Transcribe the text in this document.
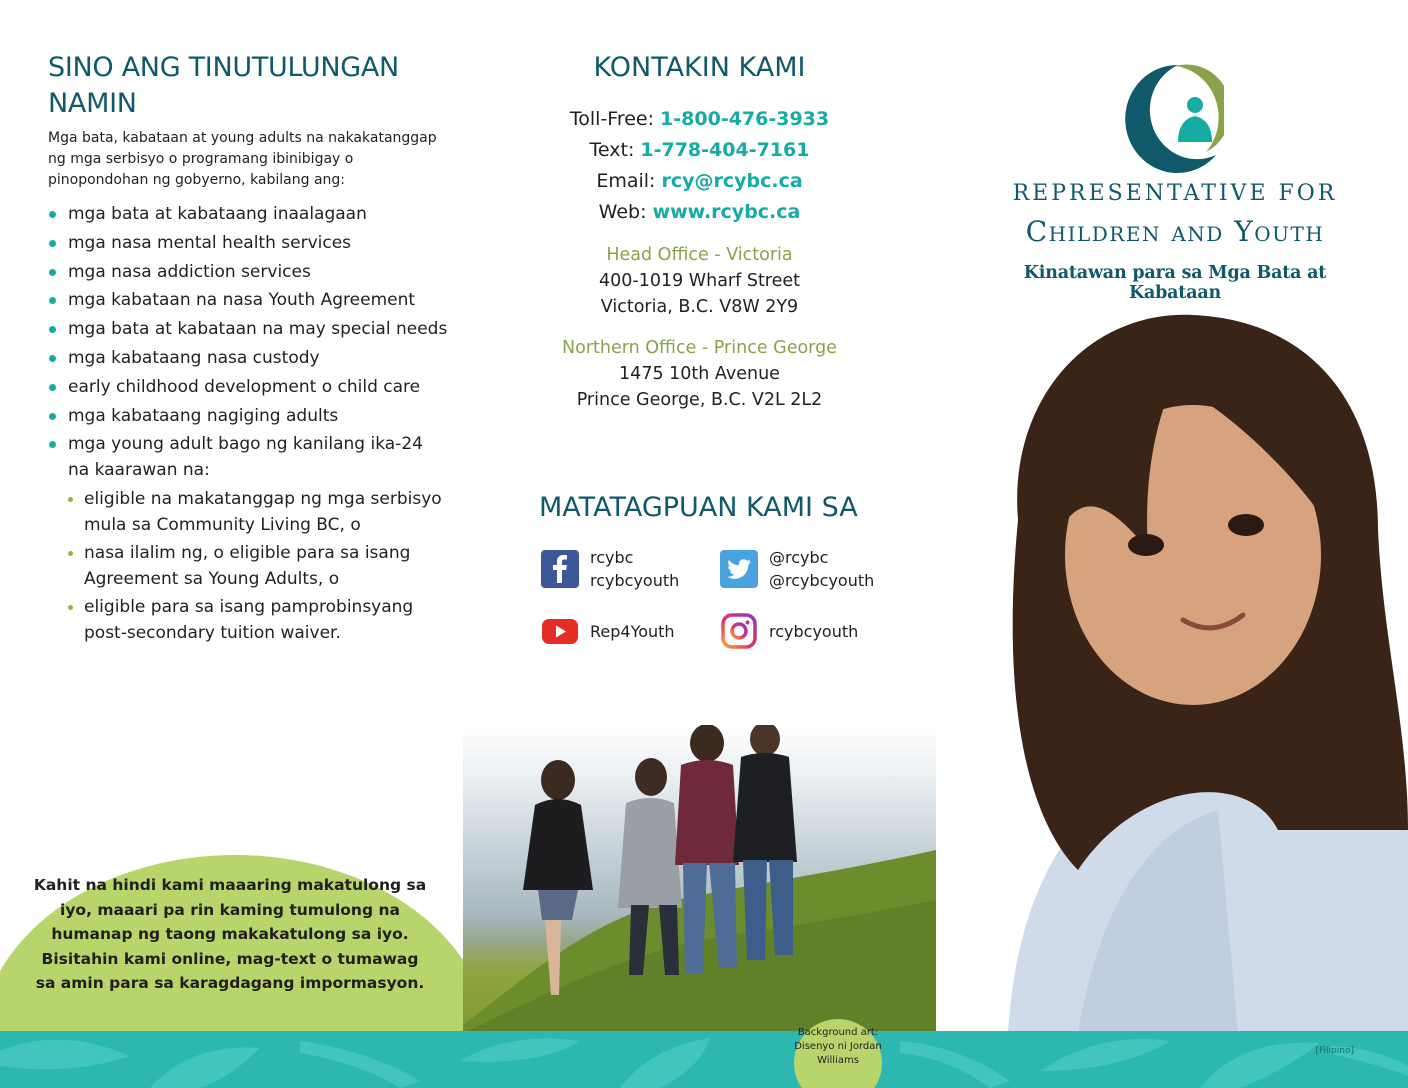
SINO ANG TINUTULUNGAN NAMIN

Mga bata, kabataan at young adults na nakakatanggap ng mga serbisyo o programang ibinibigay o pinopondohan ng gobyerno, kabilang ang:

mga bata at kabataang inaalagaan
mga nasa mental health services
mga nasa addiction services
mga kabataan na nasa Youth Agreement
mga bata at kabataan na may special needs
mga kabataang nasa custody
early childhood development o child care
mga kabataang nagiging adults
mga young adult bago ng kanilang ika-24 na kaarawan na:
eligible na makatanggap ng mga serbisyo mula sa Community Living BC, o
nasa ilalim ng, o eligible para sa isang Agreement sa Young Adults, o
eligible para sa isang pamprobinsyang post-secondary tuition waiver.

Kahit na hindi kami maaaring makatulong sa iyo, maaari pa rin kaming tumulong na humanap ng taong makakatulong sa iyo. Bisitahin kami online, mag-text o tumawag sa amin para sa karagdagang impormasyon.

KONTAKIN KAMI
Toll-Free: 1-800-476-3933
Text: 1-778-404-7161
Email: rcy@rcybc.ca
Web: www.rcybc.ca
Head Office - Victoria
400-1019 Wharf Street
Victoria, B.C. V8W 2Y9
Northern Office - Prince George
1475 10th Avenue
Prince George, B.C. V2L 2L2
MATATAGPUAN KAMI SA
rcybc
rcybcyouth
@rcybc
@rcybcyouth
Rep4Youth	rcybcyouth
REPRESENTATIVE FOR
Children and Youth
Kinatawan para sa Mga Bata at Kabataan
Background art: Disenyo ni Jordan Williams
[Filipino]
